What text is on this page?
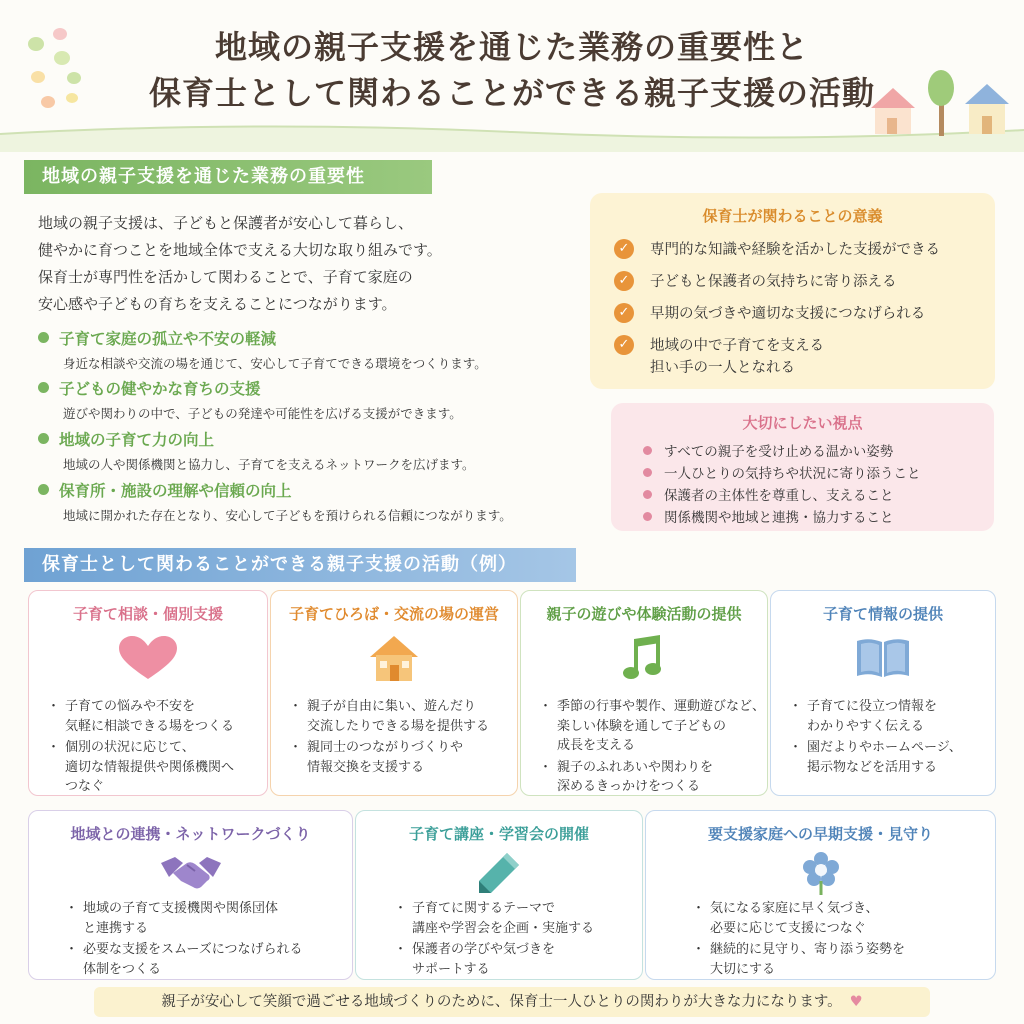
地域の親子支援を通じた業務の重要性と
保育士として関わることができる親子支援の活動
地域の親子支援を通じた業務の重要性
地域の親子支援は、子どもと保護者が安心して暮らし、
健やかに育つことを地域全体で支える大切な取り組みです。
保育士が専門性を活かして関わることで、子育て家庭の
安心感や子どもの育ちを支えることにつながります。
子育て家庭の孤立や不安の軽減
身近な相談や交流の場を通じて、安心して子育てできる環境をつくります。
子どもの健やかな育ちの支援
遊びや関わりの中で、子どもの発達や可能性を広げる支援ができます。
地域の子育て力の向上
地域の人や関係機関と協力し、子育てを支えるネットワークを広げます。
保育所・施設の理解や信頼の向上
地域に開かれた存在となり、安心して子どもを預けられる信頼につながります。
保育士が関わることの意義
✓	専門的な知識や経験を活かした支援ができる
✓	子どもと保護者の気持ちに寄り添える
✓	早期の気づきや適切な支援につなげられる
✓	地域の中で子育てを支える
担い手の一人となれる
大切にしたい視点
すべての親子を受け止める温かい姿勢
一人ひとりの気持ちや状況に寄り添うこと
保護者の主体性を尊重し、支えること
関係機関や地域と連携・協力すること
保育士として関わることができる親子支援の活動（例）
子育て相談・個別支援
・ 子育ての悩みや不安を
気軽に相談できる場をつくる
・ 個別の状況に応じて、
適切な情報提供や関係機関へ
つなぐ
子育てひろば・交流の場の運営
・ 親子が自由に集い、遊んだり
交流したりできる場を提供する
・ 親同士のつながりづくりや
情報交換を支援する
親子の遊びや体験活動の提供
・ 季節の行事や製作、運動遊びなど、
楽しい体験を通して子どもの
成長を支える
・ 親子のふれあいや関わりを
深めるきっかけをつくる
子育て情報の提供
・ 子育てに役立つ情報を
わかりやすく伝える
・ 園だよりやホームページ、
掲示物などを活用する
地域との連携・ネットワークづくり
・ 地域の子育て支援機関や関係団体
と連携する
・ 必要な支援をスムーズにつなげられる
体制をつくる
子育て講座・学習会の開催
・ 子育てに関するテーマで
講座や学習会を企画・実施する
・ 保護者の学びや気づきを
サポートする
要支援家庭への早期支援・見守り
・ 気になる家庭に早く気づき、
必要に応じて支援につなぐ
・ 継続的に見守り、寄り添う姿勢を
大切にする
親子が安心して笑顔で過ごせる地域づくりのために、保育士一人ひとりの関わりが大きな力になります。 ♥
